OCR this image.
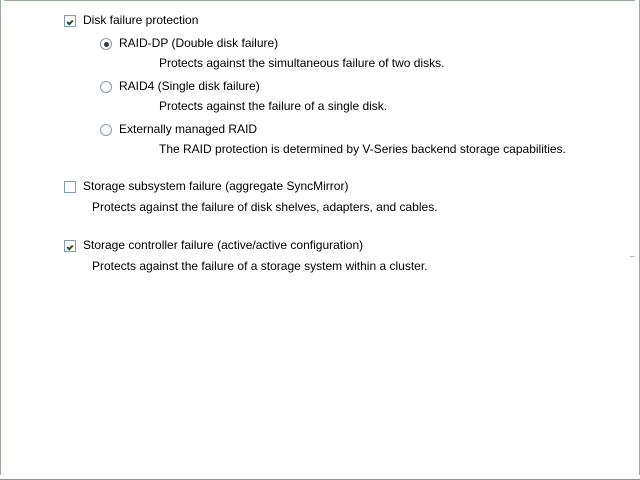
Disk failure protection
RAID-DP (Double disk failure)
Protects against the simultaneous failure of two disks.
RAID4 (Single disk failure)
Protects against the failure of a single disk.
Externally managed RAID
The RAID protection is determined by V-Series backend storage capabilities.
Storage subsystem failure (aggregate SyncMirror)
Protects against the failure of disk shelves, adapters, and cables.
Storage controller failure (active/active configuration)
Protects against the failure of a storage system within a cluster.
